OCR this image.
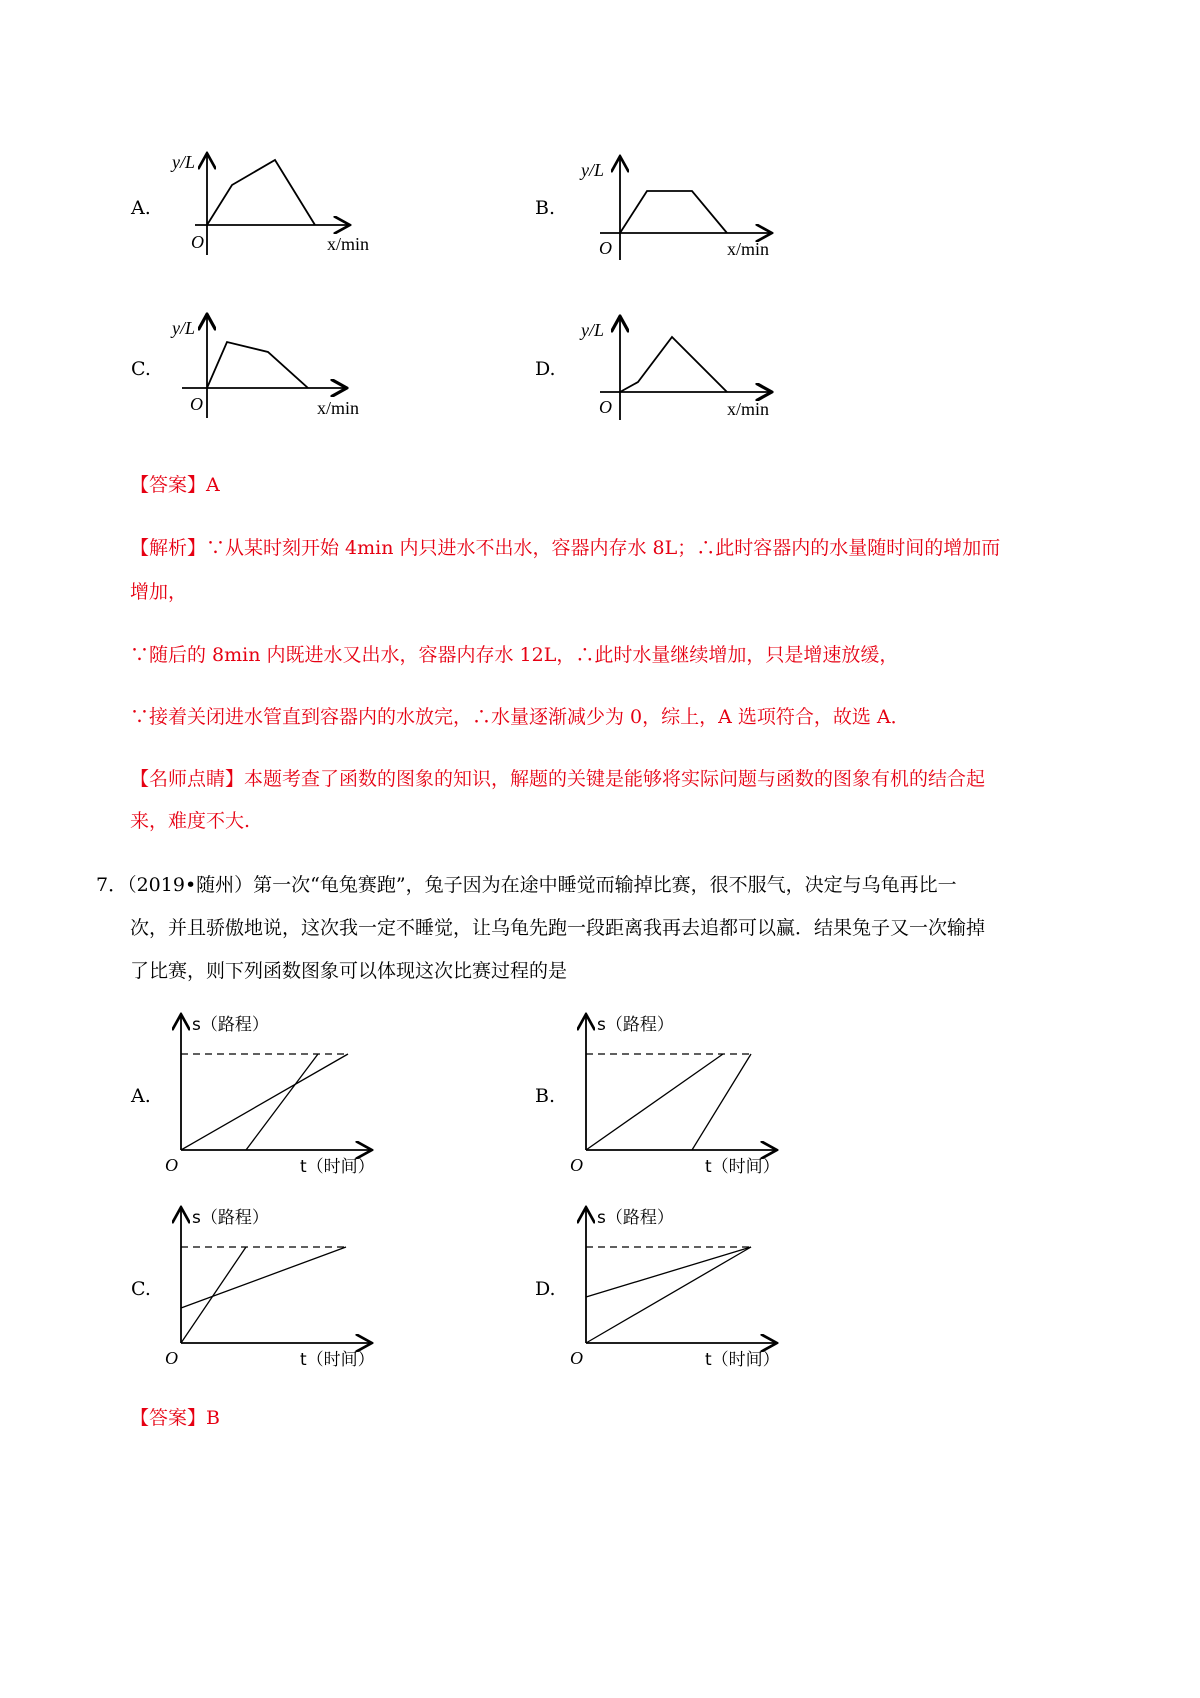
A.
y/L
O	x/min
B.
y/L
O	x/min
C.
y/L
O	x/min
D.
y/L
O	x/min
【答案】A
【解析】∵从某时刻开始 4min 内只进水不出水，容器内存水 8L；∴此时容器内的水量随时间的增加而
增加，
∵随后的 8min 内既进水又出水，容器内存水 12L，∴此时水量继续增加，只是增速放缓，
∵接着关闭进水管直到容器内的水放完，∴水量逐渐减少为 0，综上，A 选项符合，故选 A．
【名师点睛】本题考查了函数的图象的知识，解题的关键是能够将实际问题与函数的图象有机的结合起
来，难度不大.
7．（2019•随州）第一次“龟兔赛跑”，兔子因为在途中睡觉而输掉比赛，很不服气，决定与乌龟再比一
次，并且骄傲地说，这次我一定不睡觉，让乌龟先跑一段距离我再去追都可以赢．结果兔子又一次输掉
了比赛，则下列函数图象可以体现这次比赛过程的是
A.
s（路程）
O	t（时间）
B.
s（路程）
O	t（时间）
C.
s（路程）
O	t（时间）
D.
s（路程）
O	t（时间）
【答案】B
